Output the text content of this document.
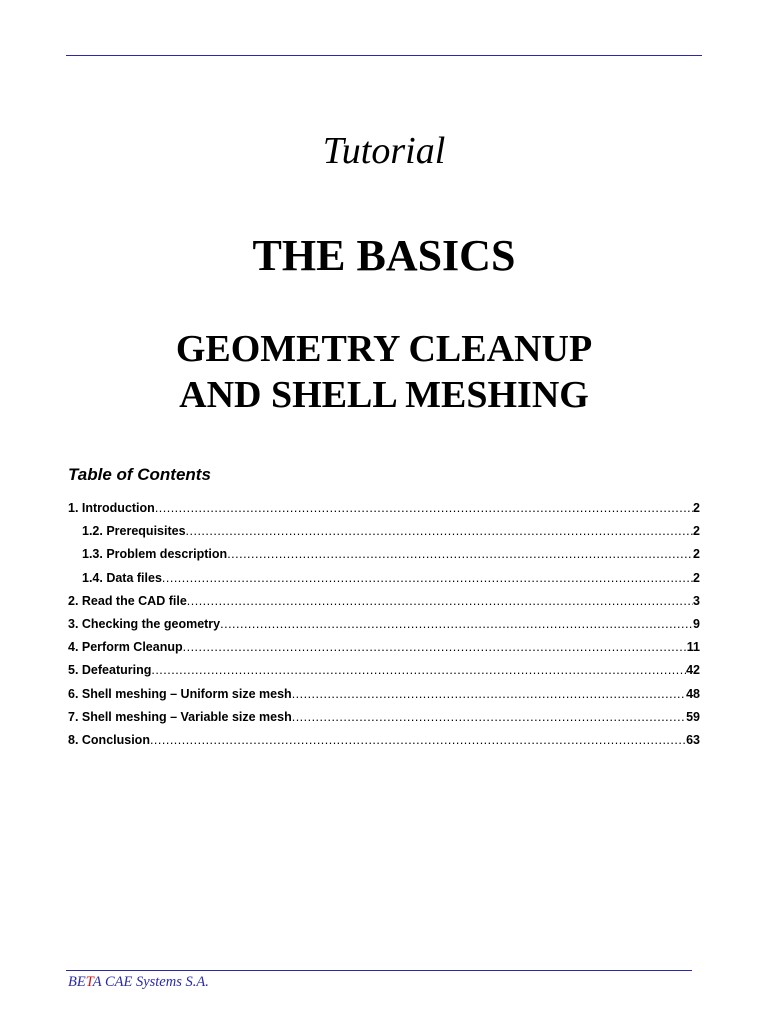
Tutorial
THE BASICS
GEOMETRY CLEANUP
AND SHELL MESHING
Table of Contents
1. Introduction .....	2
1.2. Prerequisites .....	2
1.3. Problem description .....	2
1.4. Data files .....	2
2. Read the CAD file .....	3
3. Checking the geometry .....	9
4. Perform Cleanup .....	11
5. Defeaturing .....	42
6. Shell meshing – Uniform size mesh .....	48
7. Shell meshing – Variable size mesh .....	59
8. Conclusion .....	63
BETA CAE Systems S.A.
